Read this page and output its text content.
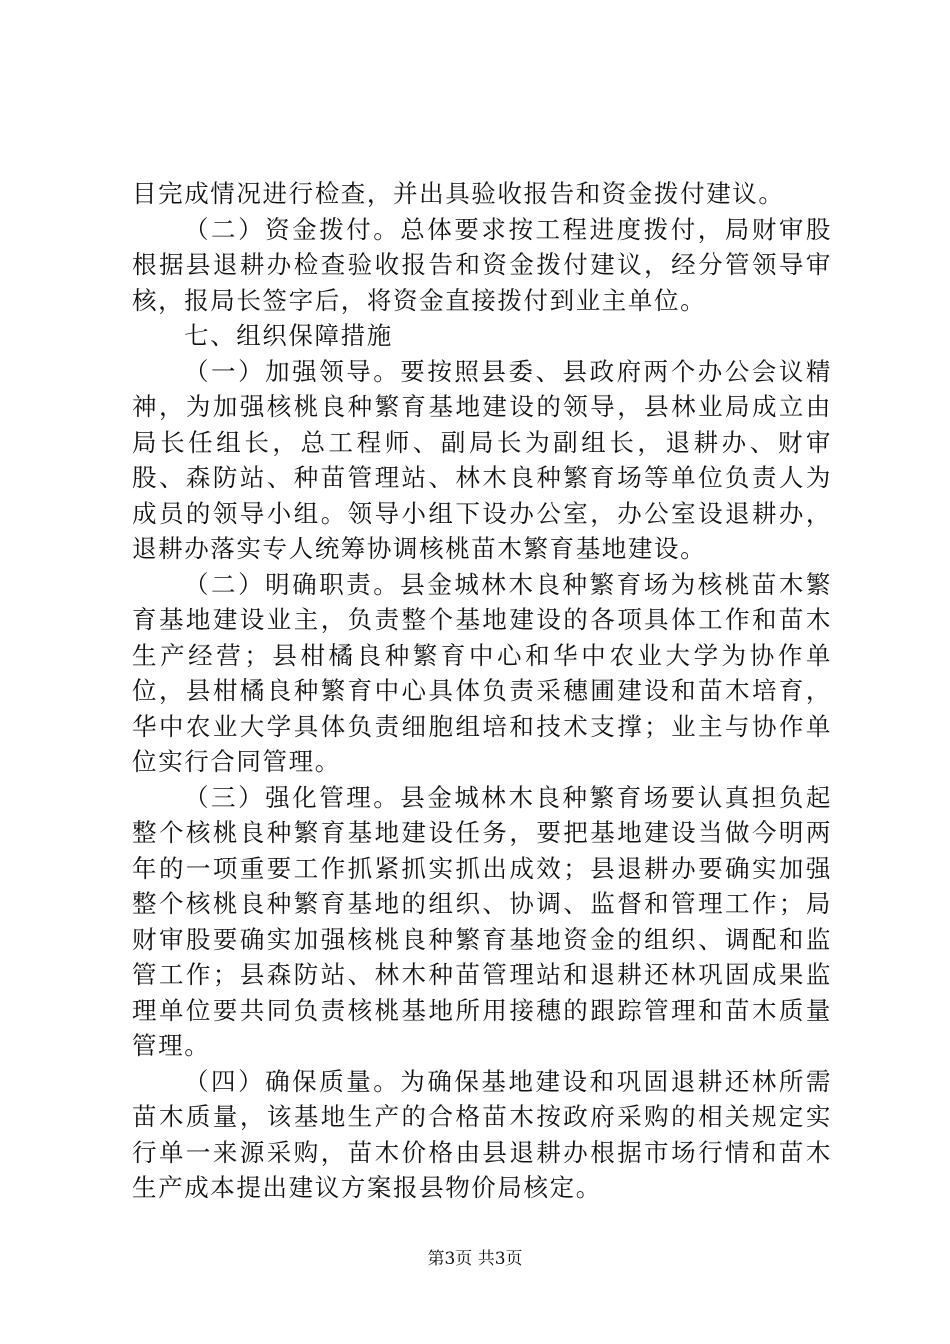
目完成情况进行检查，并出具验收报告和资金拨付建议。

（二）资金拨付。总体要求按工程进度拨付，局财审股根据县退耕办检查验收报告和资金拨付建议，经分管领导审核，报局长签字后，将资金直接拨付到业主单位。

七、组织保障措施

（一）加强领导。要按照县委、县政府两个办公会议精神，为加强核桃良种繁育基地建设的领导，县林业局成立由局长任组长，总工程师、副局长为副组长，退耕办、财审股、森防站、种苗管理站、林木良种繁育场等单位负责人为成员的领导小组。领导小组下设办公室，办公室设退耕办，退耕办落实专人统筹协调核桃苗木繁育基地建设。

（二）明确职责。县金城林木良种繁育场为核桃苗木繁育基地建设业主，负责整个基地建设的各项具体工作和苗木生产经营；县柑橘良种繁育中心和华中农业大学为协作单位，县柑橘良种繁育中心具体负责采穗圃建设和苗木培育，华中农业大学具体负责细胞组培和技术支撑；业主与协作单位实行合同管理。

（三）强化管理。县金城林木良种繁育场要认真担负起整个核桃良种繁育基地建设任务，要把基地建设当做今明两年的一项重要工作抓紧抓实抓出成效；县退耕办要确实加强整个核桃良种繁育基地的组织、协调、监督和管理工作；局财审股要确实加强核桃良种繁育基地资金的组织、调配和监管工作；县森防站、林木种苗管理站和退耕还林巩固成果监理单位要共同负责核桃基地所用接穗的跟踪管理和苗木质量管理。

（四）确保质量。为确保基地建设和巩固退耕还林所需苗木质量，该基地生产的合格苗木按政府采购的相关规定实行单一来源采购，苗木价格由县退耕办根据市场行情和苗木生产成本提出建议方案报县物价局核定。

第3页 共3页
